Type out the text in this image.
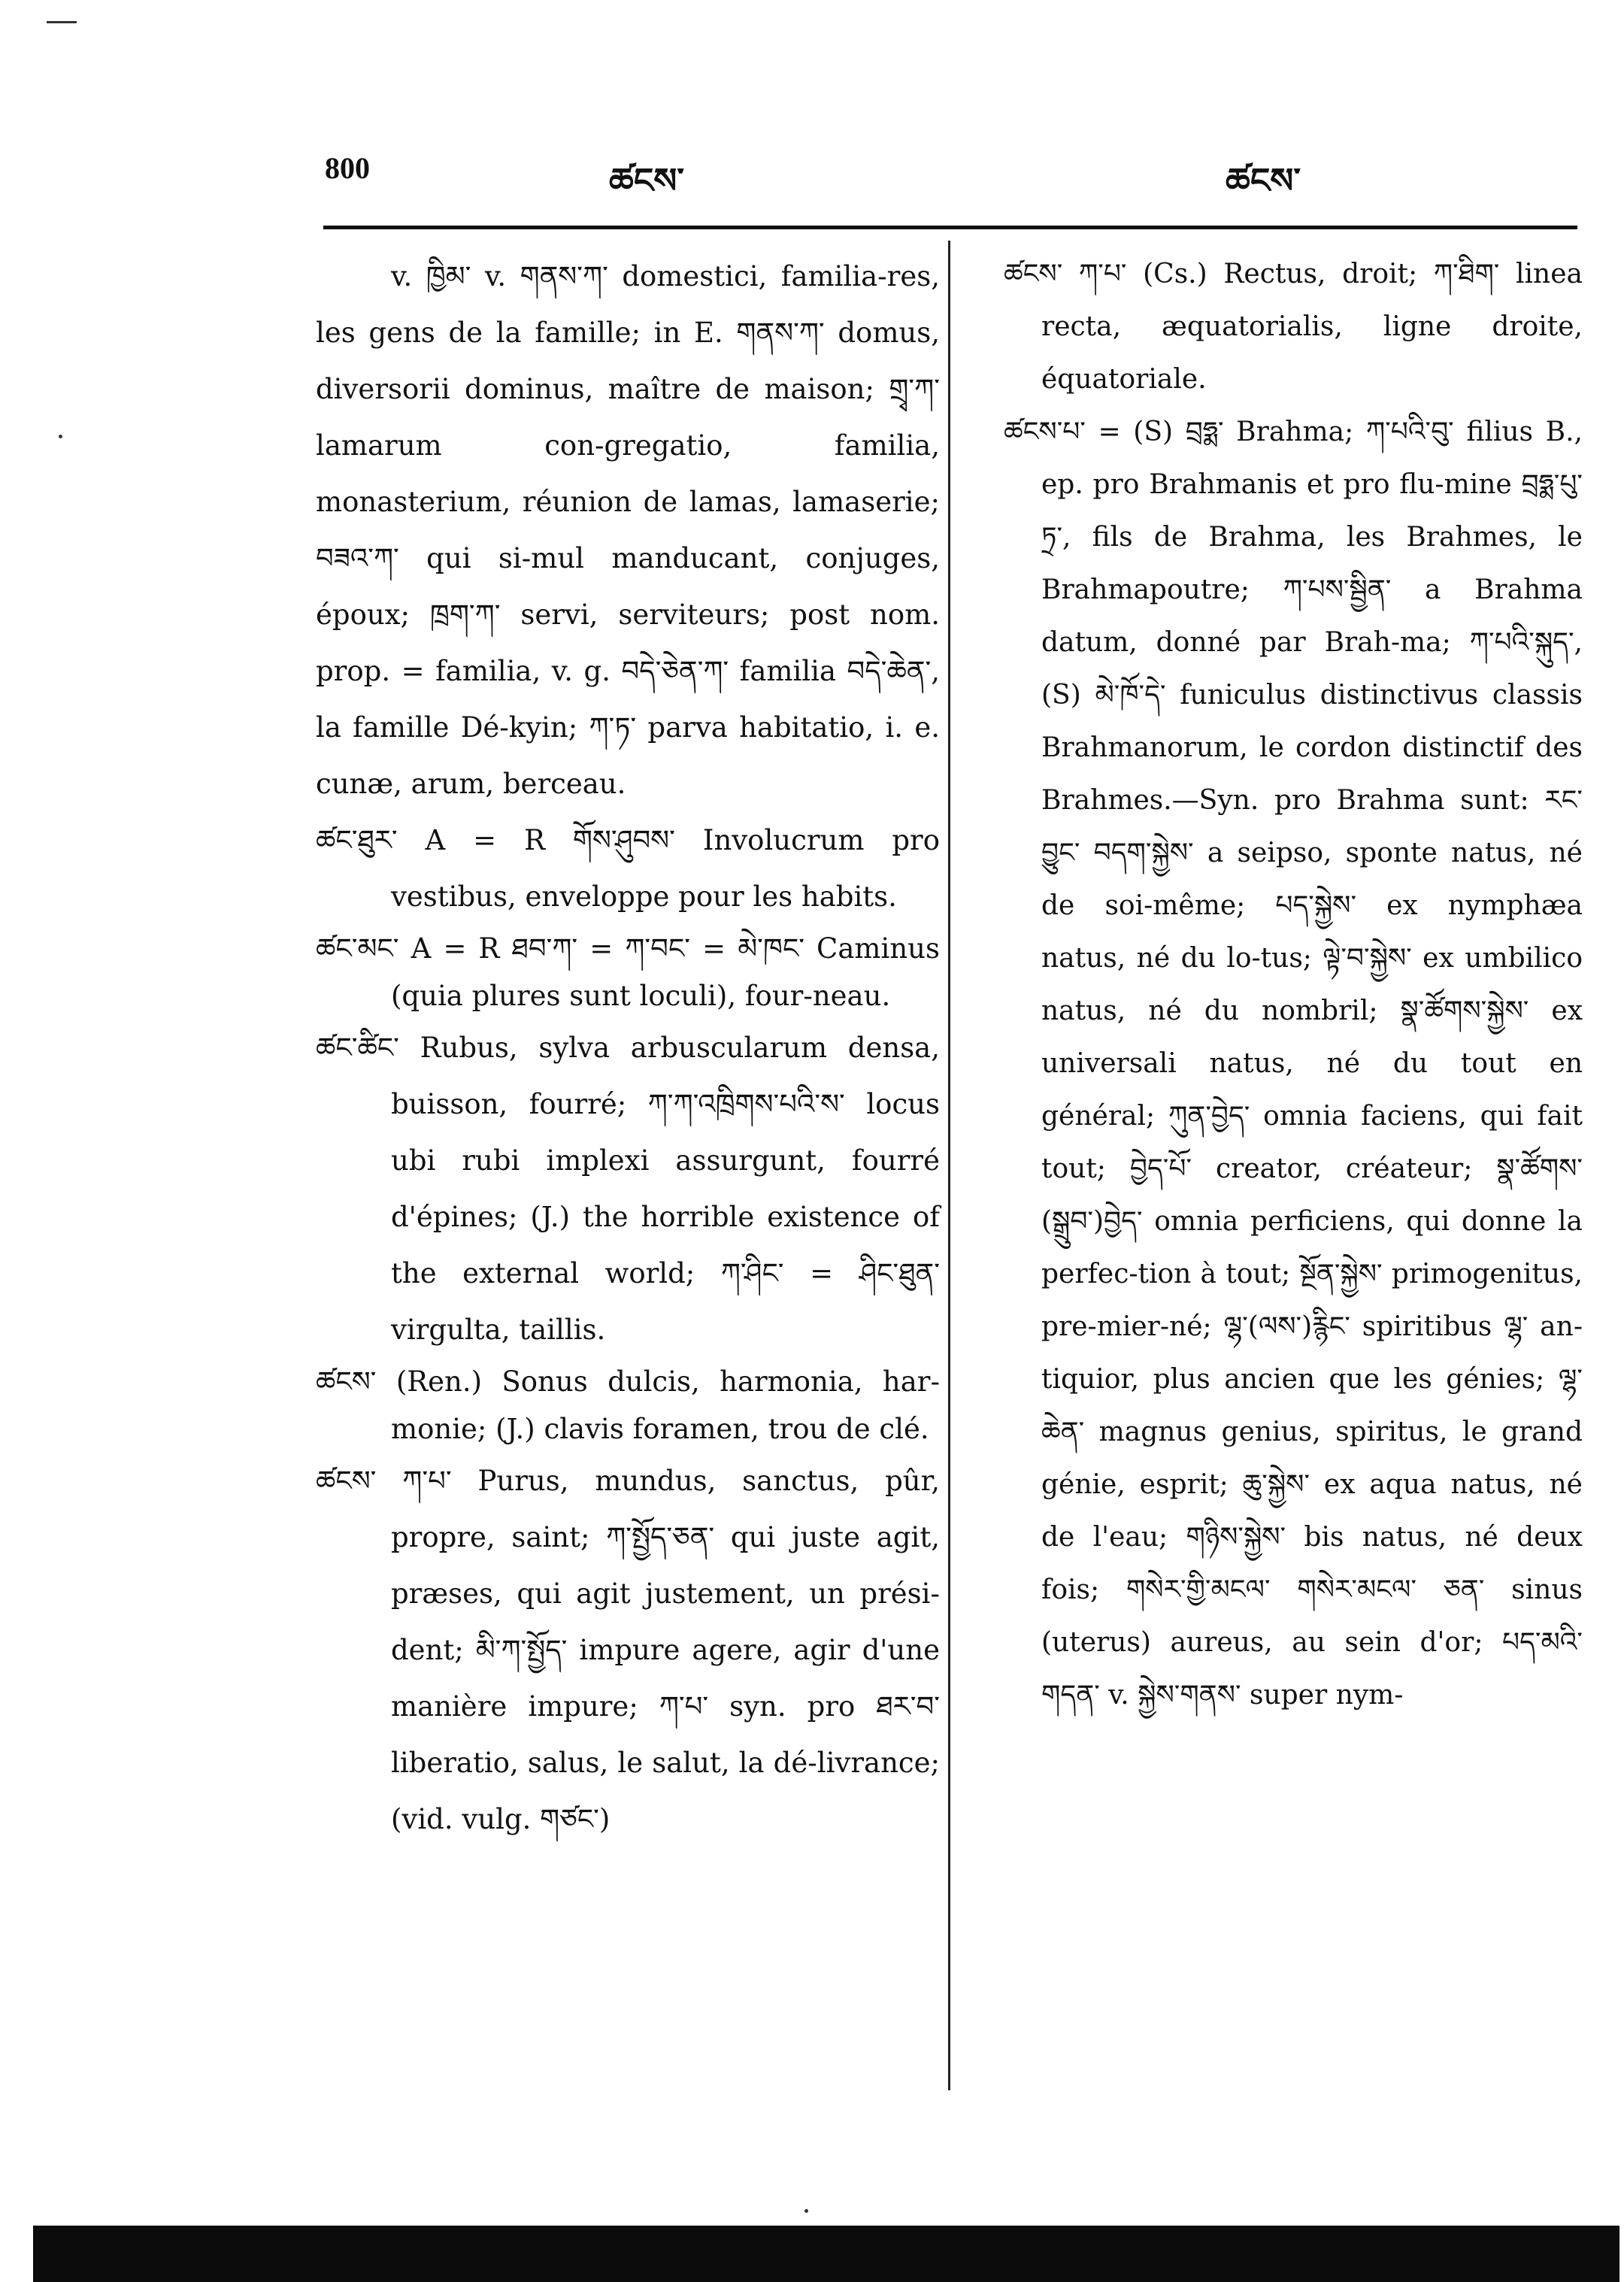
800	ཚངས་	ཚངས་

v. ཁྱིམ་ v. གནས་ཀ་ domestici, familia-res, les gens de la famille; in E. གནས་ཀ་ domus, diversorii dominus, maître de maison; གྲྭ་ཀ་ lamarum con-gregatio, familia, monasterium, réunion de lamas, lamaserie; བཟའ་ཀ་ qui si-mul manducant, conjuges, époux; ཁྲག་ཀ་ servi, serviteurs; post nom. prop. = familia, v. g. བདེ་ཅེན་ཀ་ familia བདེ་ཆེན་, la famille Dé-kyin; ཀ་ཏ་ parva habitatio, i. e. cunæ, arum, berceau.

ཚང་ཐུར་ A = R གོས་ཤུབས་ Involucrum pro vestibus, enveloppe pour les habits.

ཚང་མང་ A = R ཐབ་ཀ་ = ཀ་བང་ = མེ་ཁང་ Caminus (quia plures sunt loculi), four-neau.

ཚང་ཚིང་ Rubus, sylva arbuscularum densa, buisson, fourré; ཀ་ཀ་འཁྲིགས་པའི་ས་ locus ubi rubi implexi assurgunt, fourré d'épines; (J.) the horrible existence of the external world; ཀ་ཤིང་ = ཤིང་ཐུན་ virgulta, taillis.

ཚངས་ (Ren.) Sonus dulcis, harmonia, har-monie; (J.) clavis foramen, trou de clé.

ཚངས་ ཀ་པ་ Purus, mundus, sanctus, pûr, propre, saint; ཀ་སྤྱོད་ཅན་ qui juste agit, præses, qui agit justement, un prési-dent; མི་ཀ་སྤྱོད་ impure agere, agir d'une manière impure; ཀ་པ་ syn. pro ཐར་བ་ liberatio, salus, le salut, la dé-livrance; (vid. vulg. གཙང་)

ཚངས་ ཀ་པ་ (Cs.) Rectus, droit; ཀ་ཐིག་ linea recta, æquatorialis, ligne droite, équatoriale.

ཚངས་པ་ = (S) བྲཧྨ་ Brahma; ཀ་པའི་བུ་ filius B., ep. pro Brahmanis et pro flu-mine བྲཧྨ་པུ་ཏྲ་, fils de Brahma, les Brahmes, le Brahmapoutre; ཀ་པས་སྦྱིན་ a Brahma datum, donné par Brah-ma; ཀ་པའི་སྐུད་, (S) མེ་ཁོ་དེ་ funiculus distinctivus classis Brahmanorum, le cordon distinctif des Brahmes.—Syn. pro Brahma sunt: རང་བྱུང་ བདག་སྐྱེས་ a seipso, sponte natus, né de soi-même; པད་སྐྱེས་ ex nymphæa natus, né du lo-tus; ལྟེ་བ་སྐྱེས་ ex umbilico natus, né du nombril; སྣ་ཚོགས་སྐྱེས་ ex universali natus, né du tout en général; ཀུན་བྱེད་ omnia faciens, qui fait tout; བྱེད་པོ་ creator, créateur; སྣ་ཚོགས་(སྒྲུབ་)བྱེད་ omnia perficiens, qui donne la perfec-tion à tout; སྔོན་སྐྱེས་ primogenitus, pre-mier-né; ལྷ་(ལས་)རྙིང་ spiritibus ལྷ་ an-tiquior, plus ancien que les génies; ལྷ་ཆེན་ magnus genius, spiritus, le grand génie, esprit; ཆུ་སྐྱེས་ ex aqua natus, né de l'eau; གཉིས་སྐྱེས་ bis natus, né deux fois; གསེར་གྱི་མངལ་ གསེར་མངལ་ ཅན་ sinus (uterus) aureus, au sein d'or; པད་མའི་གདན་ v. སྐྱེས་གནས་ super nym-
